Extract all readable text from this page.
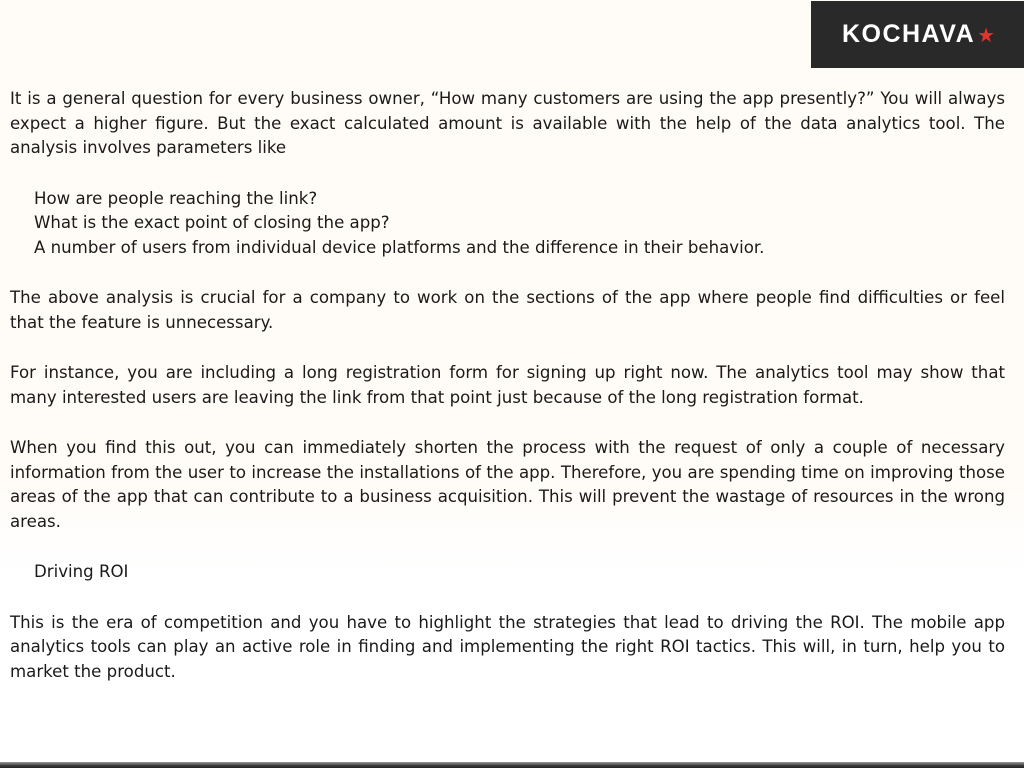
KOCHAVA ★

It is a general question for every business owner, “How many customers are using the app presently?” You will always expect a higher figure. But the exact calculated amount is available with the help of the data analytics tool. The analysis involves parameters like

How are people reaching the link?
What is the exact point of closing the app?
A number of users from individual device platforms and the difference in their behavior.

The above analysis is crucial for a company to work on the sections of the app where people find difficulties or feel that the feature is unnecessary.

For instance, you are including a long registration form for signing up right now. The analytics tool may show that many interested users are leaving the link from that point just because of the long registration format.

When you find this out, you can immediately shorten the process with the request of only a couple of necessary information from the user to increase the installations of the app. Therefore, you are spending time on improving those areas of the app that can contribute to a business acquisition. This will prevent the wastage of resources in the wrong areas.

Driving ROI

This is the era of competition and you have to highlight the strategies that lead to driving the ROI. The mobile app analytics tools can play an active role in finding and implementing the right ROI tactics. This will, in turn, help you to market the product.
